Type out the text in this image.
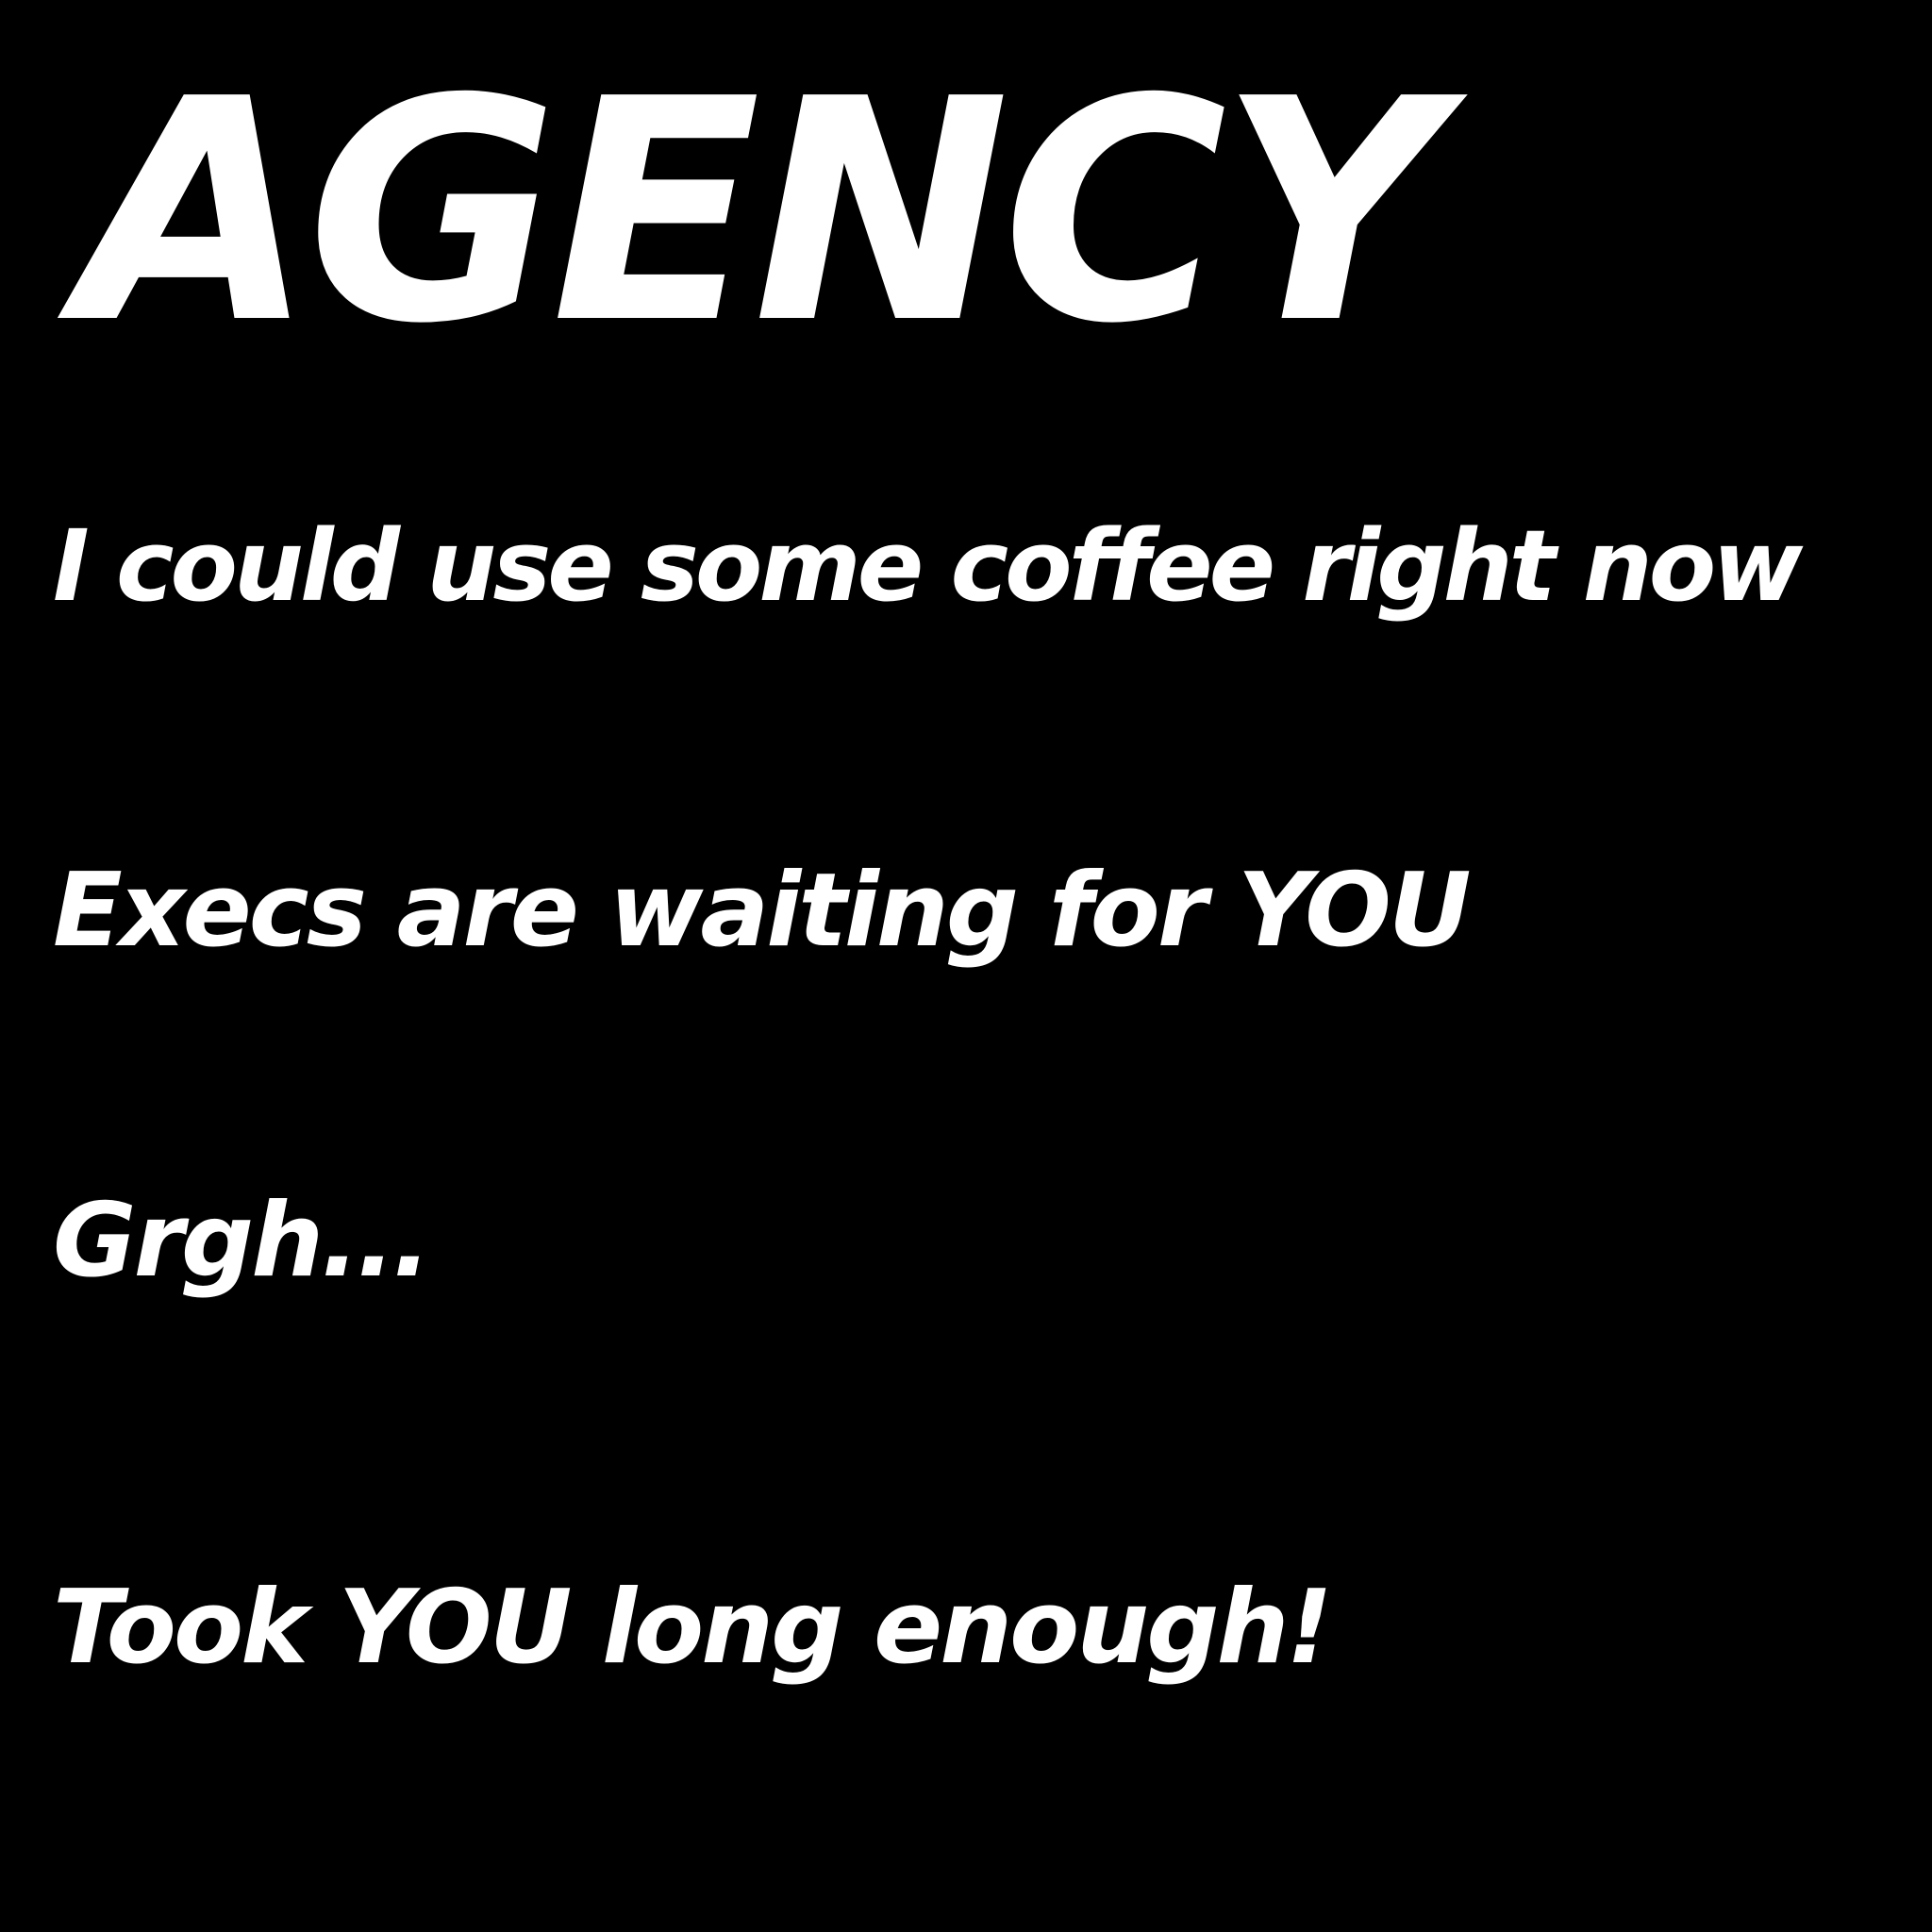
AGENCY

I could use some coffee right now

Execs are waiting for YOU

Grgh...

Took YOU long enough!
